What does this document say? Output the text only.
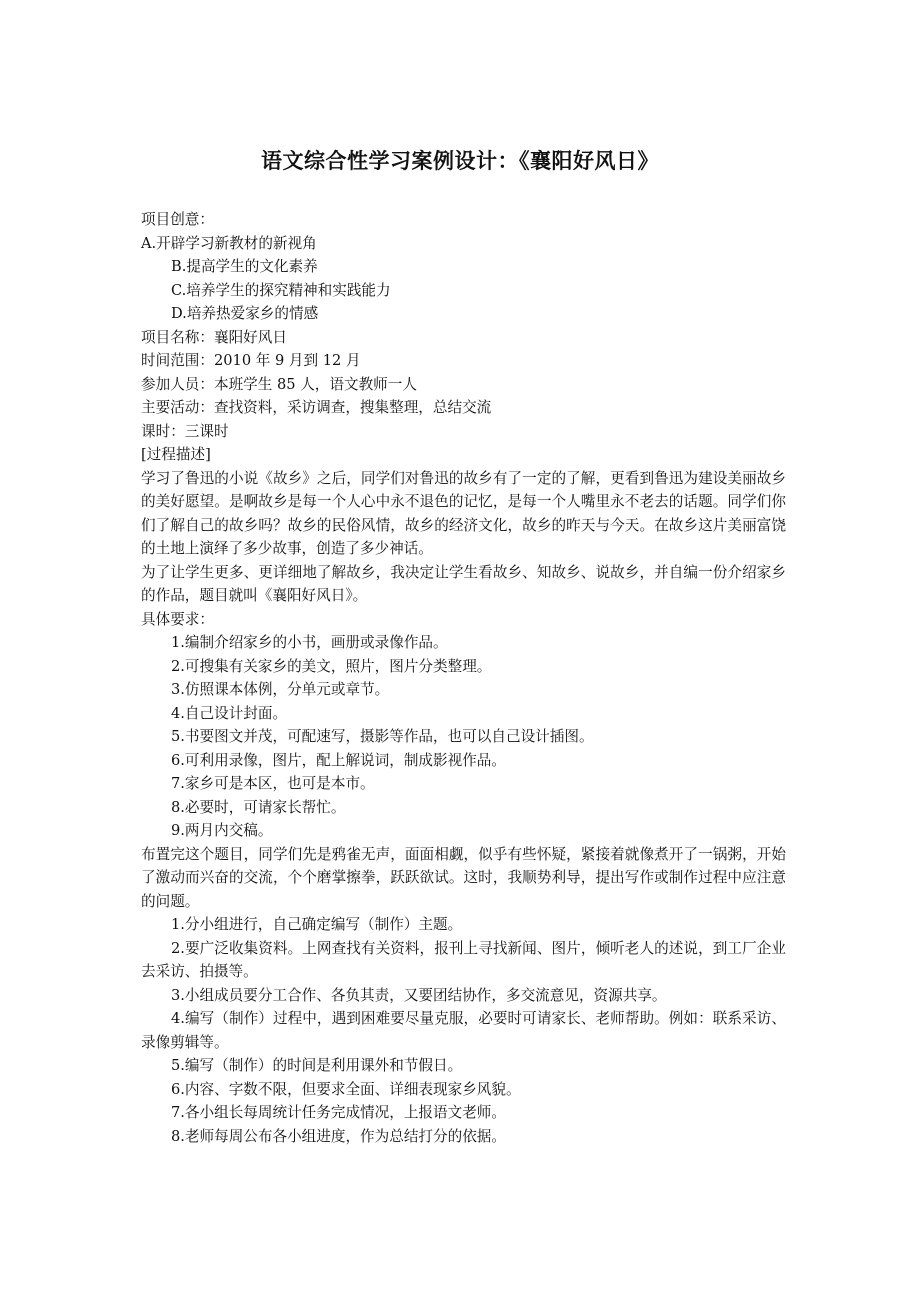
语文综合性学习案例设计：《襄阳好风日》
项目创意：
A.开辟学习新教材的新视角
B.提高学生的文化素养
C.培养学生的探究精神和实践能力
D.培养热爱家乡的情感
项目名称：襄阳好风日
时间范围：2010 年 9 月到 12 月
参加人员：本班学生 85 人，语文教师一人
主要活动：查找资料，采访调查，搜集整理，总结交流
课时：三课时
[过程描述]
学习了鲁迅的小说《故乡》之后，同学们对鲁迅的故乡有了一定的了解，更看到鲁迅为建设美丽故乡的美好愿望。是啊故乡是每一个人心中永不退色的记忆，是每一个人嘴里永不老去的话题。同学们你们了解自己的故乡吗？故乡的民俗风情，故乡的经济文化，故乡的昨天与今天。在故乡这片美丽富饶的土地上演绎了多少故事，创造了多少神话。
为了让学生更多、更详细地了解故乡，我决定让学生看故乡、知故乡、说故乡，并自编一份介绍家乡的作品，题目就叫《襄阳好风日》。
具体要求：
1.编制介绍家乡的小书，画册或录像作品。
2.可搜集有关家乡的美文，照片，图片分类整理。
3.仿照课本体例，分单元或章节。
4.自己设计封面。
5.书要图文并茂，可配速写，摄影等作品，也可以自己设计插图。
6.可利用录像，图片，配上解说词，制成影视作品。
7.家乡可是本区，也可是本市。
8.必要时，可请家长帮忙。
9.两月内交稿。
布置完这个题目，同学们先是鸦雀无声，面面相觑，似乎有些怀疑，紧接着就像煮开了一锅粥，开始了激动而兴奋的交流，个个磨掌擦拳，跃跃欲试。这时，我顺势利导，提出写作或制作过程中应注意的问题。
1.分小组进行，自己确定编写（制作）主题。
2.要广泛收集资料。上网查找有关资料，报刊上寻找新闻、图片，倾听老人的述说，到工厂企业去采访、拍摄等。
3.小组成员要分工合作、各负其责，又要团结协作，多交流意见，资源共享。
4.编写（制作）过程中，遇到困难要尽量克服，必要时可请家长、老师帮助。例如：联系采访、录像剪辑等。
5.编写（制作）的时间是利用课外和节假日。
6.内容、字数不限，但要求全面、详细表现家乡风貌。
7.各小组长每周统计任务完成情况，上报语文老师。
8.老师每周公布各小组进度，作为总结打分的依据。
